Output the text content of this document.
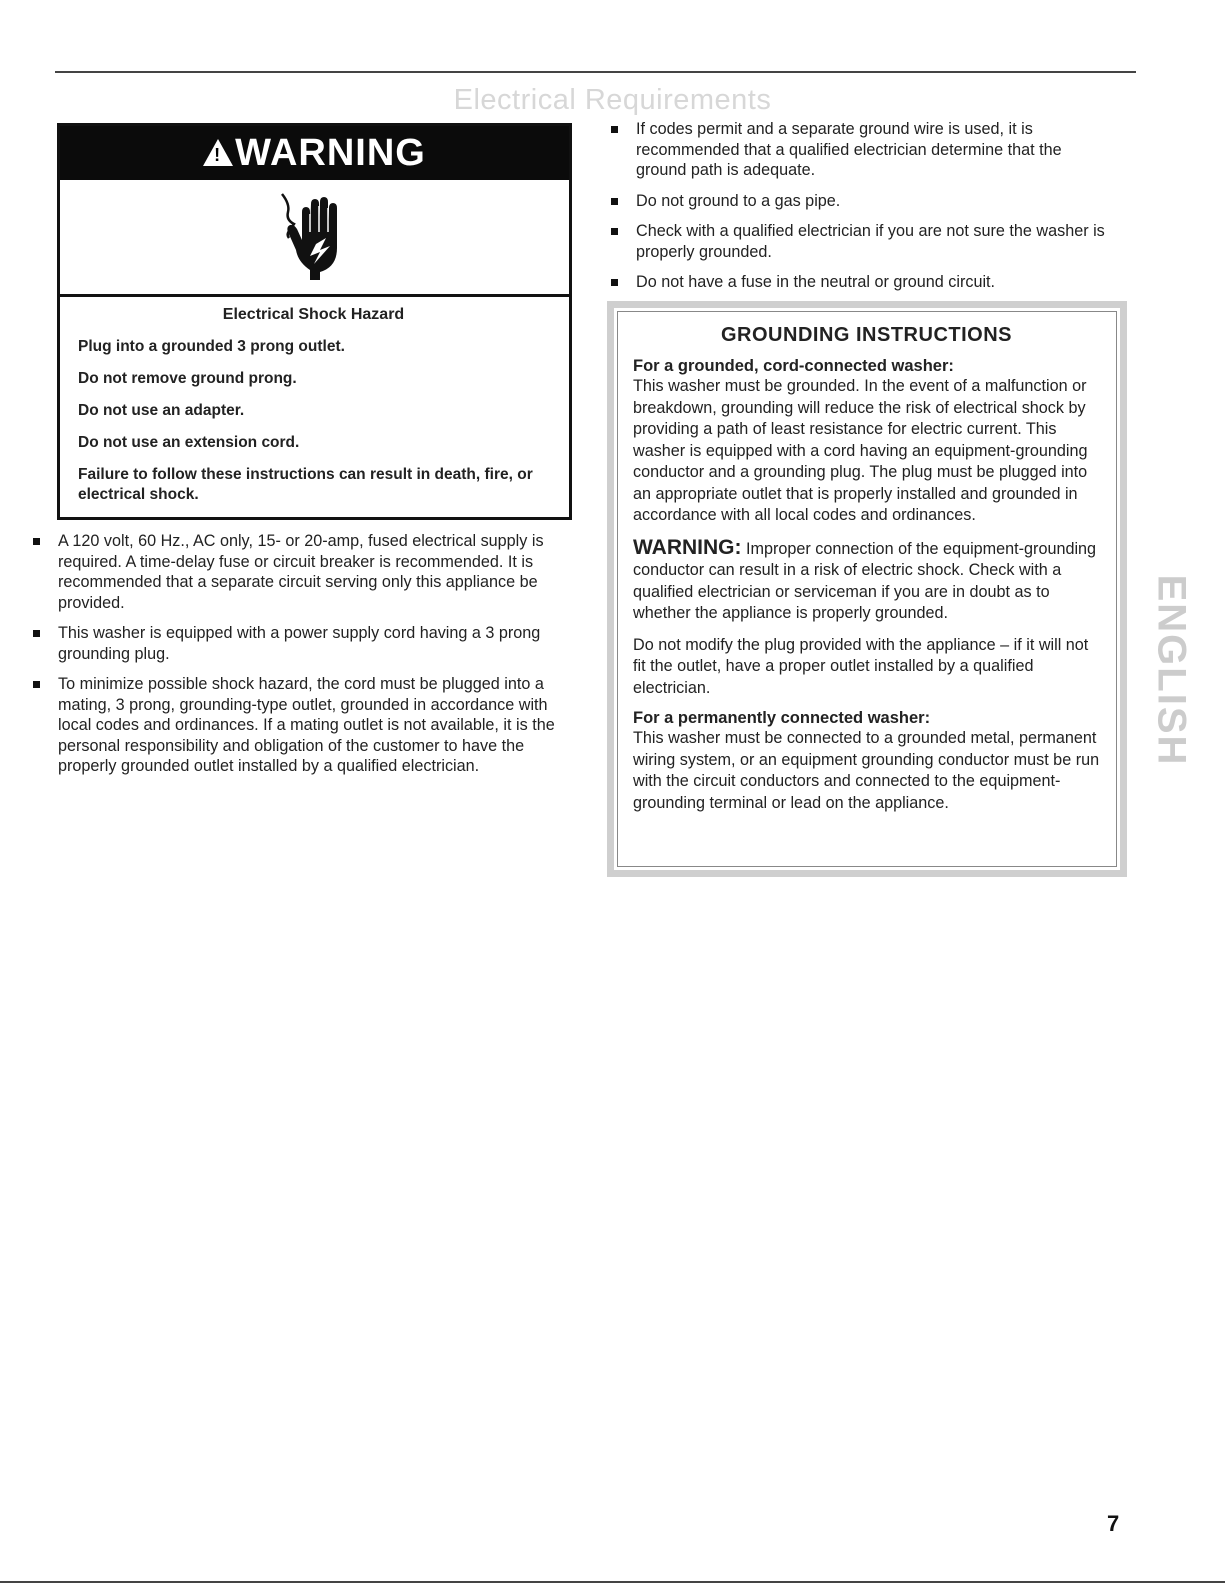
Electrical Requirements
!
WARNING

Electrical Shock Hazard

Plug into a grounded 3 prong outlet.

Do not remove ground prong.

Do not use an adapter.

Do not use an extension cord.

Failure to follow these instructions can result in death, fire, or electrical shock.

A 120 volt, 60 Hz., AC only, 15- or 20-amp, fused electrical supply is required. A time-delay fuse or circuit breaker is recommended. It is recommended that a separate circuit serving only this appliance be provided.
This washer is equipped with a power supply cord having a 3 prong grounding plug.
To minimize possible shock hazard, the cord must be plugged into a mating, 3 prong, grounding-type outlet, grounded in accordance with local codes and ordinances. If a mating outlet is not available, it is the personal responsibility and obligation of the customer to have the properly grounded outlet installed by a qualified electrician.
If codes permit and a separate ground wire is used, it is recommended that a qualified electrician determine that the ground path is adequate.
Do not ground to a gas pipe.
Check with a qualified electrician if you are not sure the washer is properly grounded.
Do not have a fuse in the neutral or ground circuit.
GROUNDING INSTRUCTIONS

For a grounded, cord-connected washer:

This washer must be grounded. In the event of a malfunction or breakdown, grounding will reduce the risk of electrical shock by providing a path of least resistance for electric current. This washer is equipped with a cord having an equipment-grounding conductor and a grounding plug. The plug must be plugged into an appropriate outlet that is properly installed and grounded in accordance with all local codes and ordinances.

WARNING: Improper connection of the equipment-grounding conductor can result in a risk of electric shock. Check with a qualified electrician or serviceman if you are in doubt as to whether the appliance is properly grounded.

Do not modify the plug provided with the appliance – if it will not fit the outlet, have a proper outlet installed by a qualified electrician.

For a permanently connected washer:

This washer must be connected to a grounded metal, permanent wiring system, or an equipment grounding conductor must be run with the circuit conductors and connected to the equipment-grounding terminal or lead on the appliance.

ENGLISH
7
